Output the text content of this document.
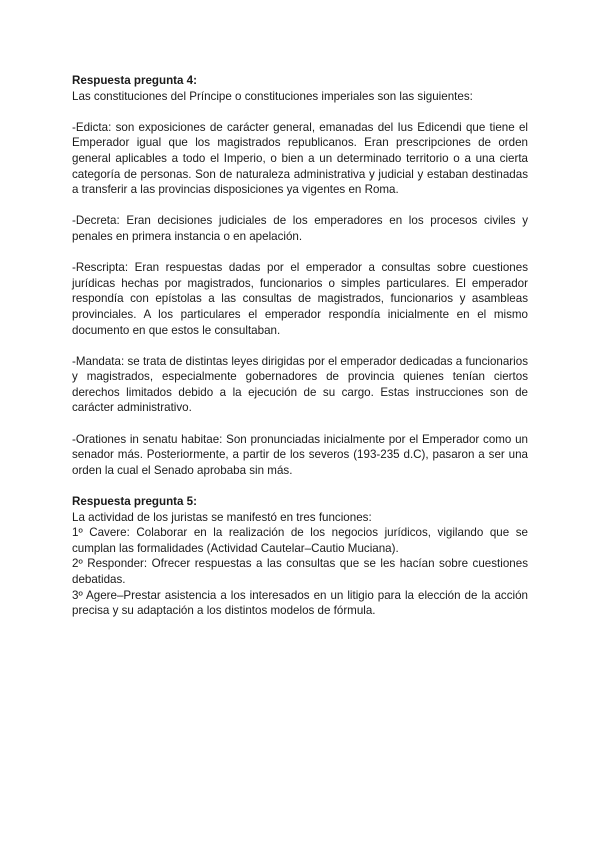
Respuesta pregunta 4:

Las constituciones del Príncipe o constituciones imperiales son las siguientes:

-Edicta: son exposiciones de carácter general, emanadas del Ius Edicendi que tiene el Emperador igual que los magistrados republicanos. Eran prescripciones de orden general aplicables a todo el Imperio, o bien a un determinado territorio o a una cierta categoría de personas. Son de naturaleza administrativa y judicial y estaban destinadas a transferir a las provincias disposiciones ya vigentes en Roma.

-Decreta: Eran decisiones judiciales de los emperadores en los procesos civiles y penales en primera instancia o en apelación.

-Rescripta: Eran respuestas dadas por el emperador a consultas sobre cuestiones jurídicas hechas por magistrados, funcionarios o simples particulares. El emperador respondía con epístolas a las consultas de magistrados, funcionarios y asambleas provinciales. A los particulares el emperador respondía inicialmente en el mismo documento en que estos le consultaban.

-Mandata: se trata de distintas leyes dirigidas por el emperador dedicadas a funcionarios y magistrados, especialmente gobernadores de provincia quienes tenían ciertos derechos limitados debido a la ejecución de su cargo. Estas instrucciones son de carácter administrativo.

-Orationes in senatu habitae: Son pronunciadas inicialmente por el Emperador como un senador más. Posteriormente, a partir de los severos (193-235 d.C), pasaron a ser una orden la cual el Senado aprobaba sin más.

Respuesta pregunta 5:

La actividad de los juristas se manifestó en tres funciones:

1º Cavere: Colaborar en la realización de los negocios jurídicos, vigilando que se cumplan las formalidades (Actividad Cautelar–Cautio Muciana).

2º Responder: Ofrecer respuestas a las consultas que se les hacían sobre cuestiones debatidas.

3º Agere–Prestar asistencia a los interesados en un litigio para la elección de la acción precisa y su adaptación a los distintos modelos de fórmula.
